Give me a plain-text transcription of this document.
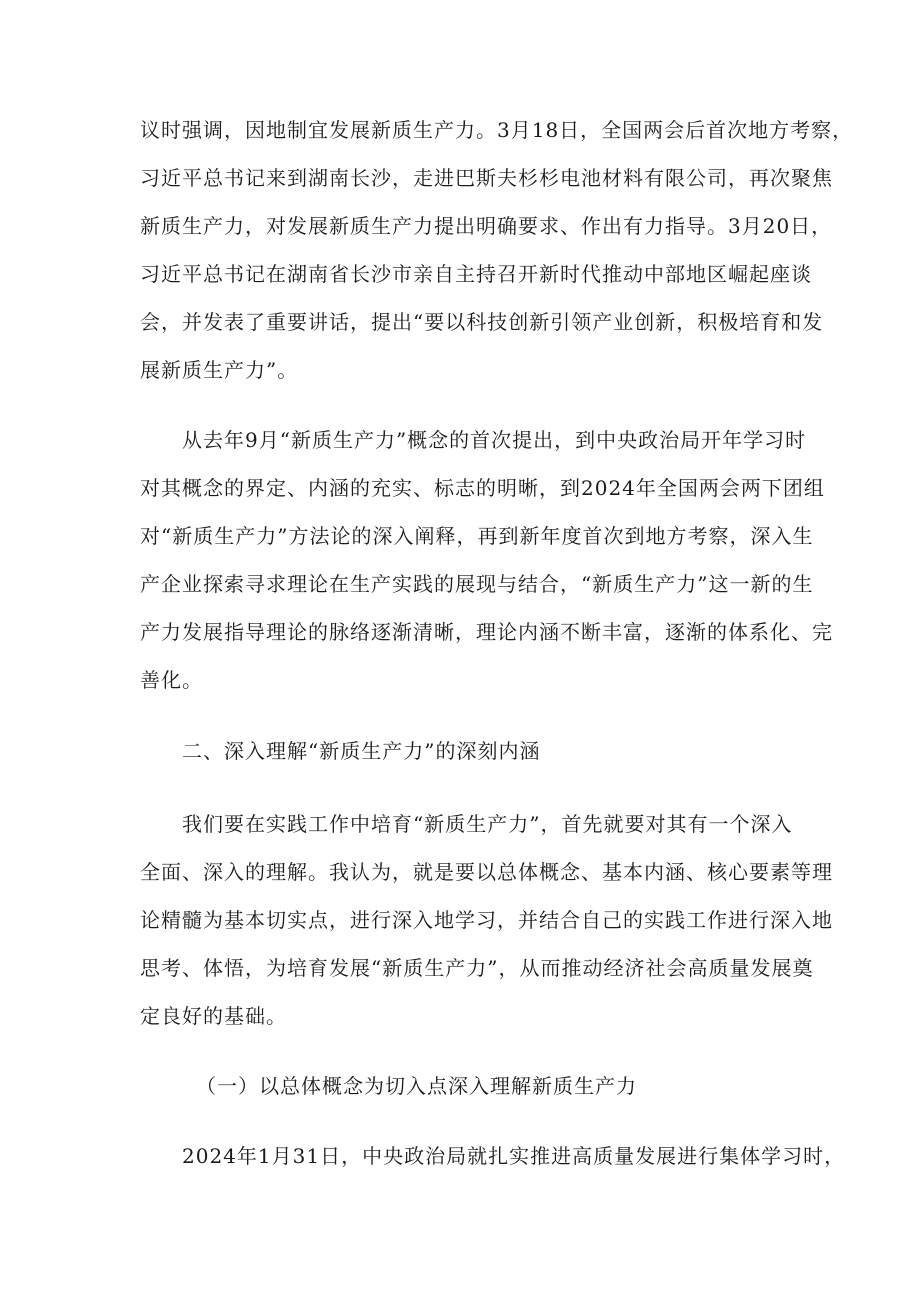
议时强调，因地制宜发展新质生产力。3月18日，全国两会后首次地方考察，
习近平总书记来到湖南长沙，走进巴斯夫杉杉电池材料有限公司，再次聚焦
新质生产力，对发展新质生产力提出明确要求、作出有力指导。3月20日，
习近平总书记在湖南省长沙市亲自主持召开新时代推动中部地区崛起座谈
会，并发表了重要讲话，提出“要以科技创新引领产业创新，积极培育和发
展新质生产力”。
从去年9月“新质生产力”概念的首次提出，到中央政治局开年学习时
对其概念的界定、内涵的充实、标志的明晰，到2024年全国两会两下团组
对“新质生产力”方法论的深入阐释，再到新年度首次到地方考察，深入生
产企业探索寻求理论在生产实践的展现与结合，“新质生产力”这一新的生
产力发展指导理论的脉络逐渐清晰，理论内涵不断丰富，逐渐的体系化、完
善化。
二、深入理解“新质生产力”的深刻内涵
我们要在实践工作中培育“新质生产力”，首先就要对其有一个深入
全面、深入的理解。我认为，就是要以总体概念、基本内涵、核心要素等理
论精髓为基本切实点，进行深入地学习，并结合自己的实践工作进行深入地
思考、体悟，为培育发展“新质生产力”，从而推动经济社会高质量发展奠
定良好的基础。
（一）以总体概念为切入点深入理解新质生产力
2024年1月31日，中央政治局就扎实推进高质量发展进行集体学习时，
